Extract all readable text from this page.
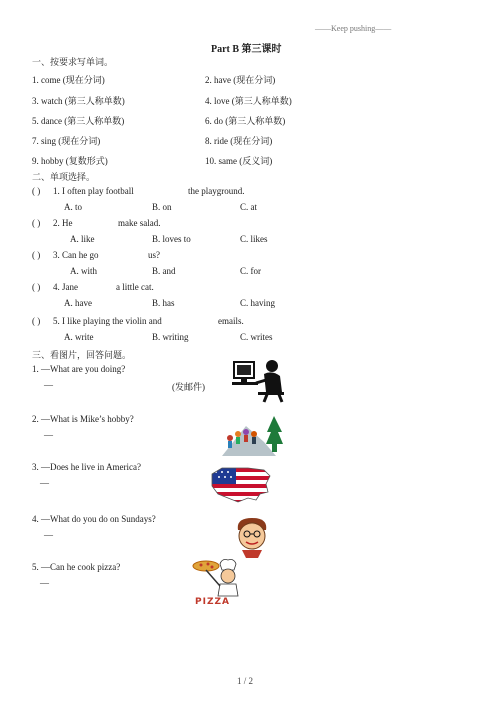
——Keep pushing——
Part B 第三课时
一、按要求写单词。
1. come (现在分词)	2. have (现在分词)
3. watch (第三人称单数)	4. love (第三人称单数)
5. dance (第三人称单数)	6. do (第三人称单数)
7. sing (现在分词)	8. ride (现在分词)
9. hobby (复数形式)	10. same (反义词)
二、单项选择。
( ) 1. I often play football	the playground.
A. to	B. on	C. at
( ) 2. He	make salad.
A. like	B. loves to	C. likes
( ) 3. Can he go	us?
A. with	B. and	C. for
( ) 4. Jane	a little cat.
A. have	B. has	C. having
( ) 5. I like playing the violin and	emails.
A. write	B. writing	C. writes
三、看图片，回答问题。
1. —What are you doing?
—	(发邮件)
2. —What is Mike’s hobby?
—
3. —Does he live in America?
—
4. —What do you do on Sundays?
—
5. —Can he cook pizza?
—
PIZZA
1 / 2
